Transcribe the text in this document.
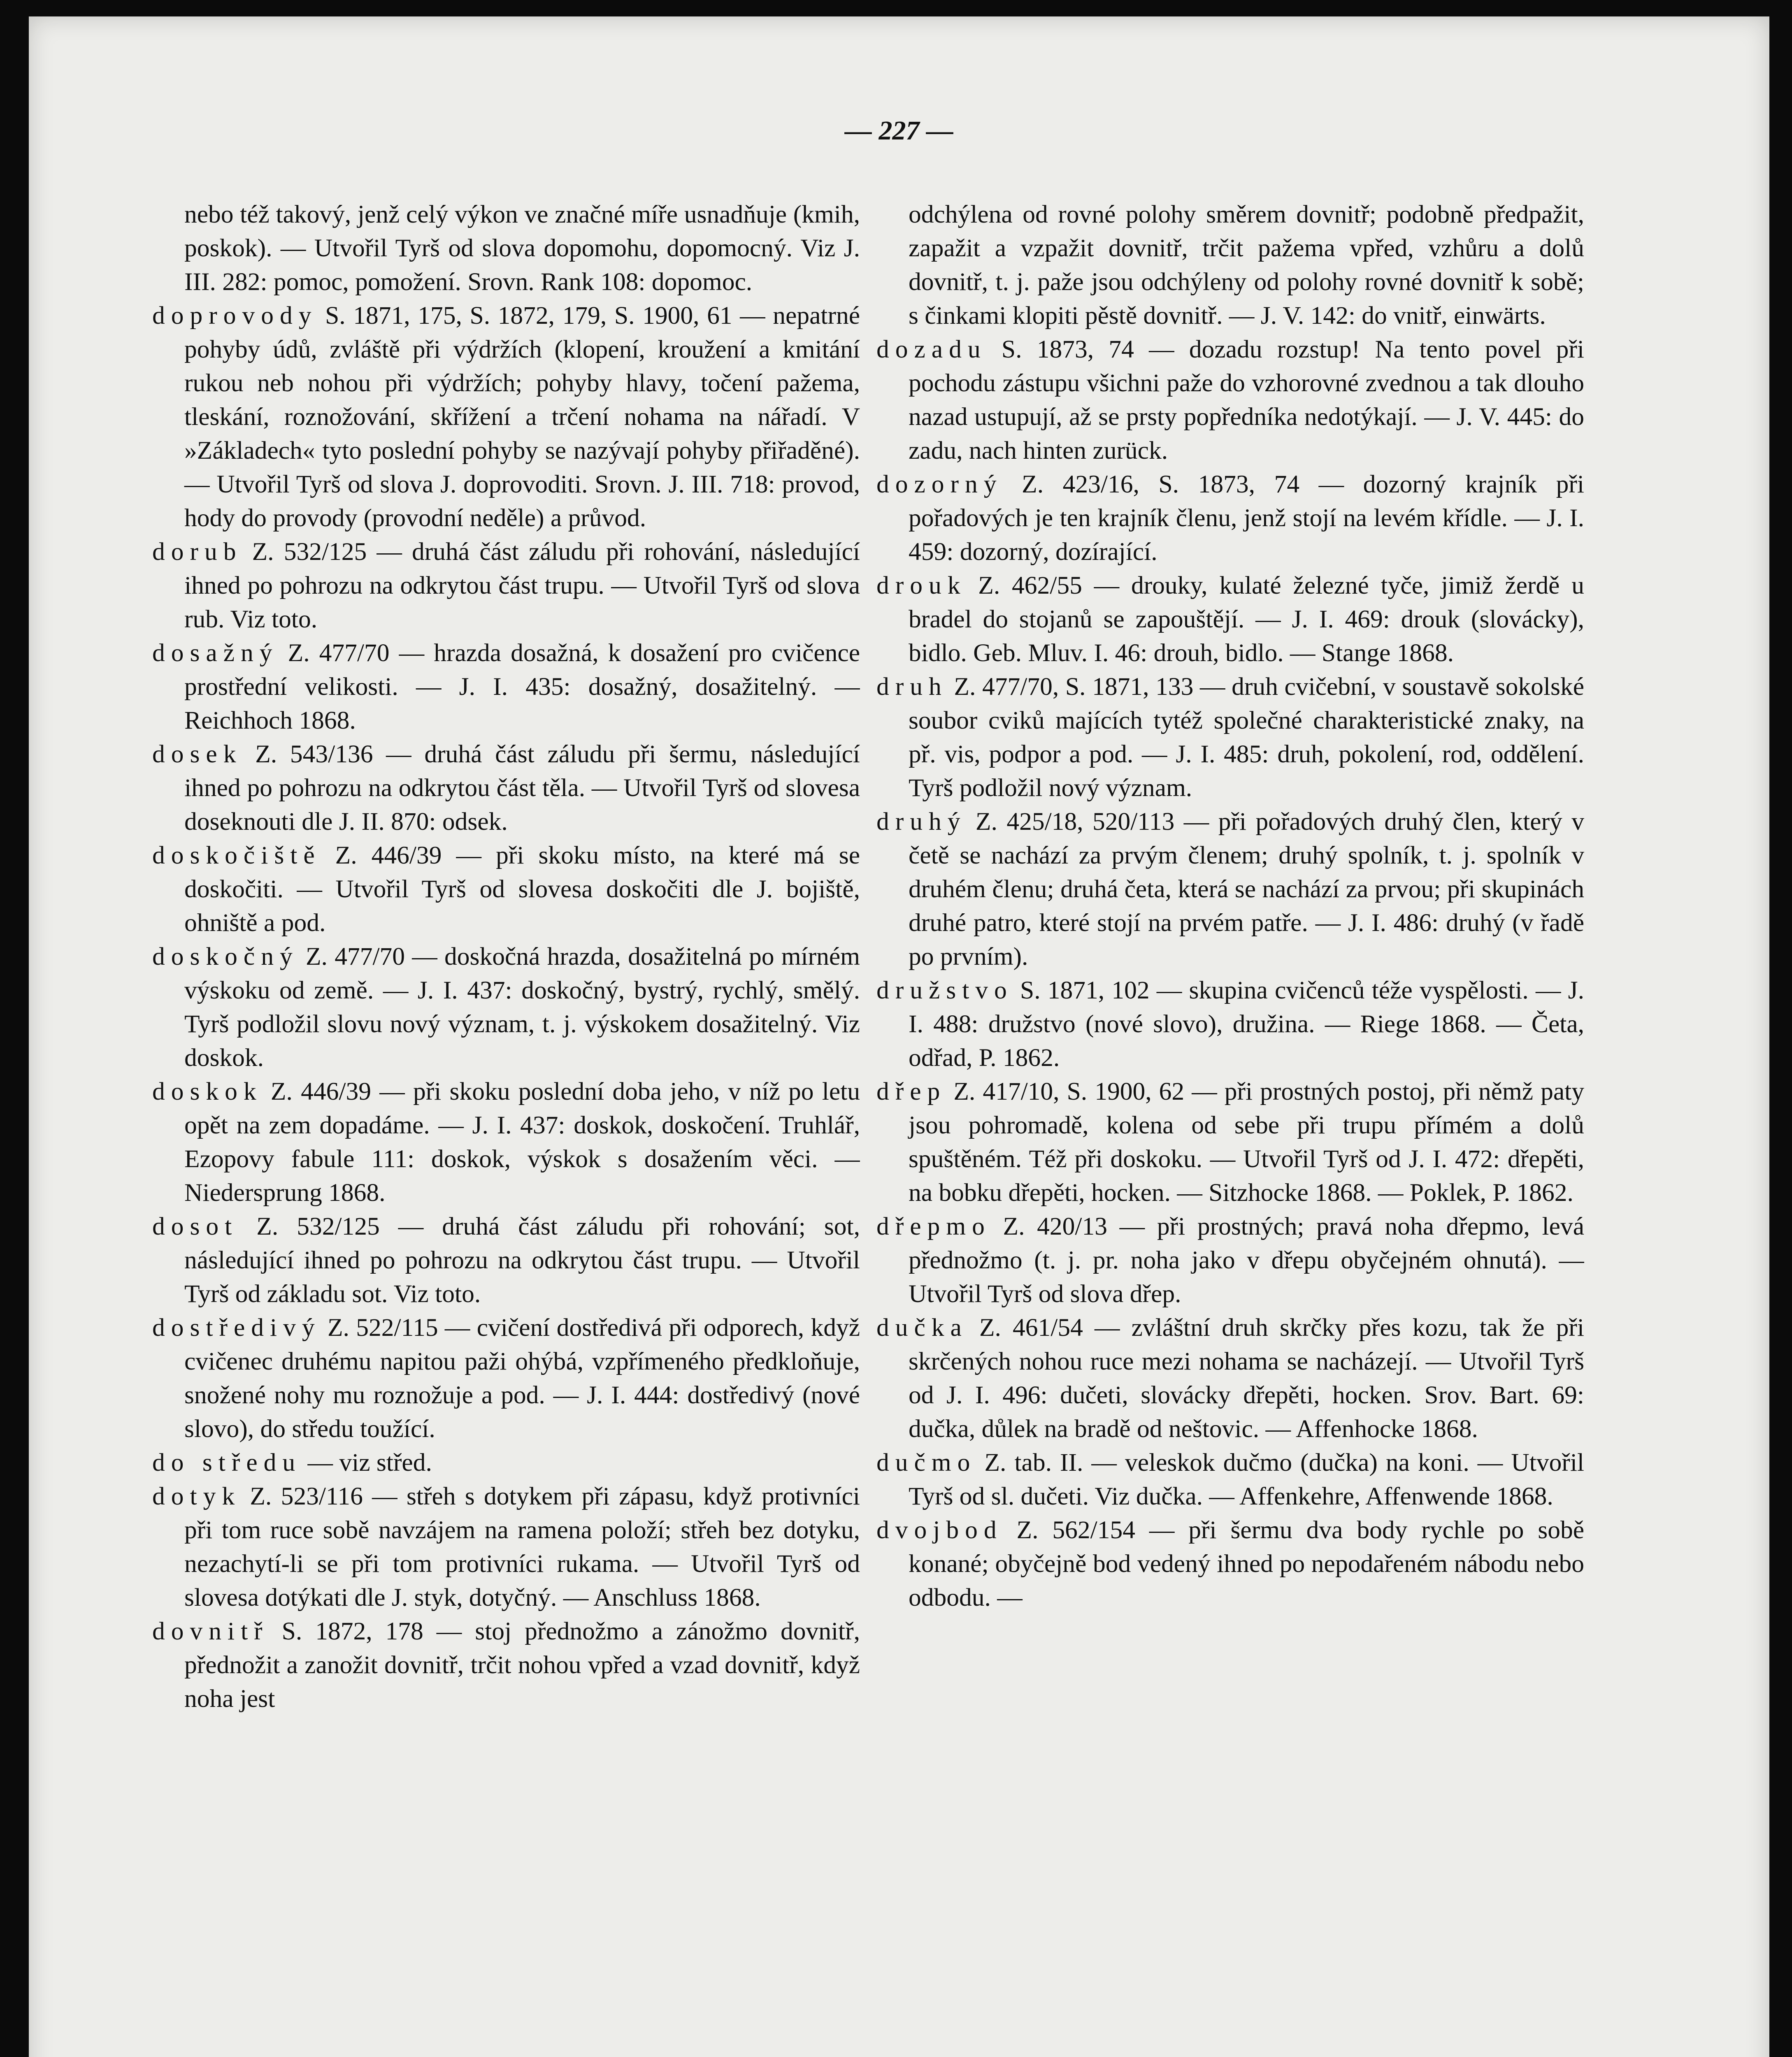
— 227 —

nebo též takový, jenž celý výkon ve značné míře usnadňuje (kmih, poskok). — Utvořil Tyrš od slova dopomohu, dopomocný. Viz J. III. 282: pomoc, pomožení. Srovn. Rank 108: dopomoc.

doprovody S. 1871, 175, S. 1872, 179, S. 1900, 61 — nepatrné pohyby údů, zvláště při výdržích (klopení, kroužení a kmitání rukou neb nohou při výdržích; pohyby hlavy, točení pažema, tleskání, roznožování, skřížení a trčení nohama na nářadí. V »Základech« tyto poslední pohyby se nazývají pohyby přiřaděné). — Utvořil Tyrš od slova J. doprovoditi. Srovn. J. III. 718: provod, hody do provody (provodní neděle) a průvod.

dorub Z. 532/125 — druhá část záludu při rohování, následující ihned po pohrozu na odkrytou část trupu. — Utvořil Tyrš od slova rub. Viz toto.

dosažný Z. 477/70 — hrazda dosažná, k dosažení pro cvičence prostřední velikosti. — J. I. 435: dosažný, dosažitelný. — Reichhoch 1868.

dosek Z. 543/136 — druhá část záludu při šermu, následující ihned po pohrozu na odkrytou část těla. — Utvořil Tyrš od slovesa doseknouti dle J. II. 870: odsek.

doskočiště Z. 446/39 — při skoku místo, na které má se doskočiti. — Utvořil Tyrš od slovesa doskočiti dle J. bojiště, ohniště a pod.

doskočný Z. 477/70 — doskočná hrazda, dosažitelná po mírném výskoku od země. — J. I. 437: doskočný, bystrý, rychlý, smělý. Tyrš podložil slovu nový význam, t. j. výskokem dosažitelný. Viz doskok.

doskok Z. 446/39 — při skoku poslední doba jeho, v níž po letu opět na zem dopadáme. — J. I. 437: doskok, doskočení. Truhlář, Ezopovy fabule 111: doskok, výskok s dosažením věci. — Niedersprung 1868.

dosot Z. 532/125 — druhá část záludu při rohování; sot, následující ihned po pohrozu na odkrytou část trupu. — Utvořil Tyrš od základu sot. Viz toto.

dostředivý Z. 522/115 — cvičení dostředivá při odporech, když cvičenec druhému napitou paži ohýbá, vzpřímeného předkloňuje, snožené nohy mu roznožuje a pod. — J. I. 444: dostředivý (nové slovo), do středu toužící.

do středu — viz střed.

dotyk Z. 523/116 — střeh s dotykem při zápasu, když protivníci při tom ruce sobě navzájem na ramena položí; střeh bez dotyku, nezachytí-li se při tom protivníci rukama. — Utvořil Tyrš od slovesa dotýkati dle J. styk, dotyčný. — Anschluss 1868.

dovnitř S. 1872, 178 — stoj přednožmo a zánožmo dovnitř, přednožit a zanožit dovnitř, trčit nohou vpřed a vzad dovnitř, když noha jest

odchýlena od rovné polohy směrem dovnitř; podobně předpažit, zapažit a vzpažit dovnitř, trčit pažema vpřed, vzhůru a dolů dovnitř, t. j. paže jsou odchýleny od polohy rovné dovnitř k sobě; s činkami klopiti pěstě dovnitř. — J. V. 142: do vnitř, einwärts.

dozadu S. 1873, 74 — dozadu rozstup! Na tento povel při pochodu zástupu všichni paže do vzhorovné zvednou a tak dlouho nazad ustupují, až se prsty popředníka nedotýkají. — J. V. 445: do zadu, nach hinten zurück.

dozorný Z. 423/16, S. 1873, 74 — dozorný krajník při pořadových je ten krajník členu, jenž stojí na levém křídle. — J. I. 459: dozorný, dozírající.

drouk Z. 462/55 — drouky, kulaté železné tyče, jimiž žerdě u bradel do stojanů se zapouštějí. — J. I. 469: drouk (slovácky), bidlo. Geb. Mluv. I. 46: drouh, bidlo. — Stange 1868.

druh Z. 477/70, S. 1871, 133 — druh cvičební, v soustavě sokolské soubor cviků majících tytéž společné charakteristické znaky, na př. vis, podpor a pod. — J. I. 485: druh, pokolení, rod, oddělení. Tyrš podložil nový význam.

druhý Z. 425/18, 520/113 — při pořadových druhý člen, který v četě se nachází za prvým členem; druhý spolník, t. j. spolník v druhém členu; druhá četa, která se nachází za prvou; při skupinách druhé patro, které stojí na prvém patře. — J. I. 486: druhý (v řadě po prvním).

družstvo S. 1871, 102 — skupina cvičenců téže vyspělosti. — J. I. 488: družstvo (nové slovo), družina. — Riege 1868. — Četa, odřad, P. 1862.

dřep Z. 417/10, S. 1900, 62 — při prostných postoj, při němž paty jsou pohromadě, kolena od sebe při trupu přímém a dolů spuštěném. Též při doskoku. — Utvořil Tyrš od J. I. 472: dřepěti, na bobku dřepěti, hocken. — Sitzhocke 1868. — Poklek, P. 1862.

dřepmo Z. 420/13 — při prostných; pravá noha dřepmo, levá přednožmo (t. j. pr. noha jako v dřepu obyčejném ohnutá). — Utvořil Tyrš od slova dřep.

dučka Z. 461/54 — zvláštní druh skrčky přes kozu, tak že při skrčených nohou ruce mezi nohama se nacházejí. — Utvořil Tyrš od J. I. 496: dučeti, slovácky dřepěti, hocken. Srov. Bart. 69: dučka, důlek na bradě od neštovic. — Affenhocke 1868.

dučmo Z. tab. II. — veleskok dučmo (dučka) na koni. — Utvořil Tyrš od sl. dučeti. Viz dučka. — Affenkehre, Affenwende 1868.

dvojbod Z. 562/154 — při šermu dva body rychle po sobě konané; obyčejně bod vedený ihned po nepodařeném nábodu nebo odbodu. —
